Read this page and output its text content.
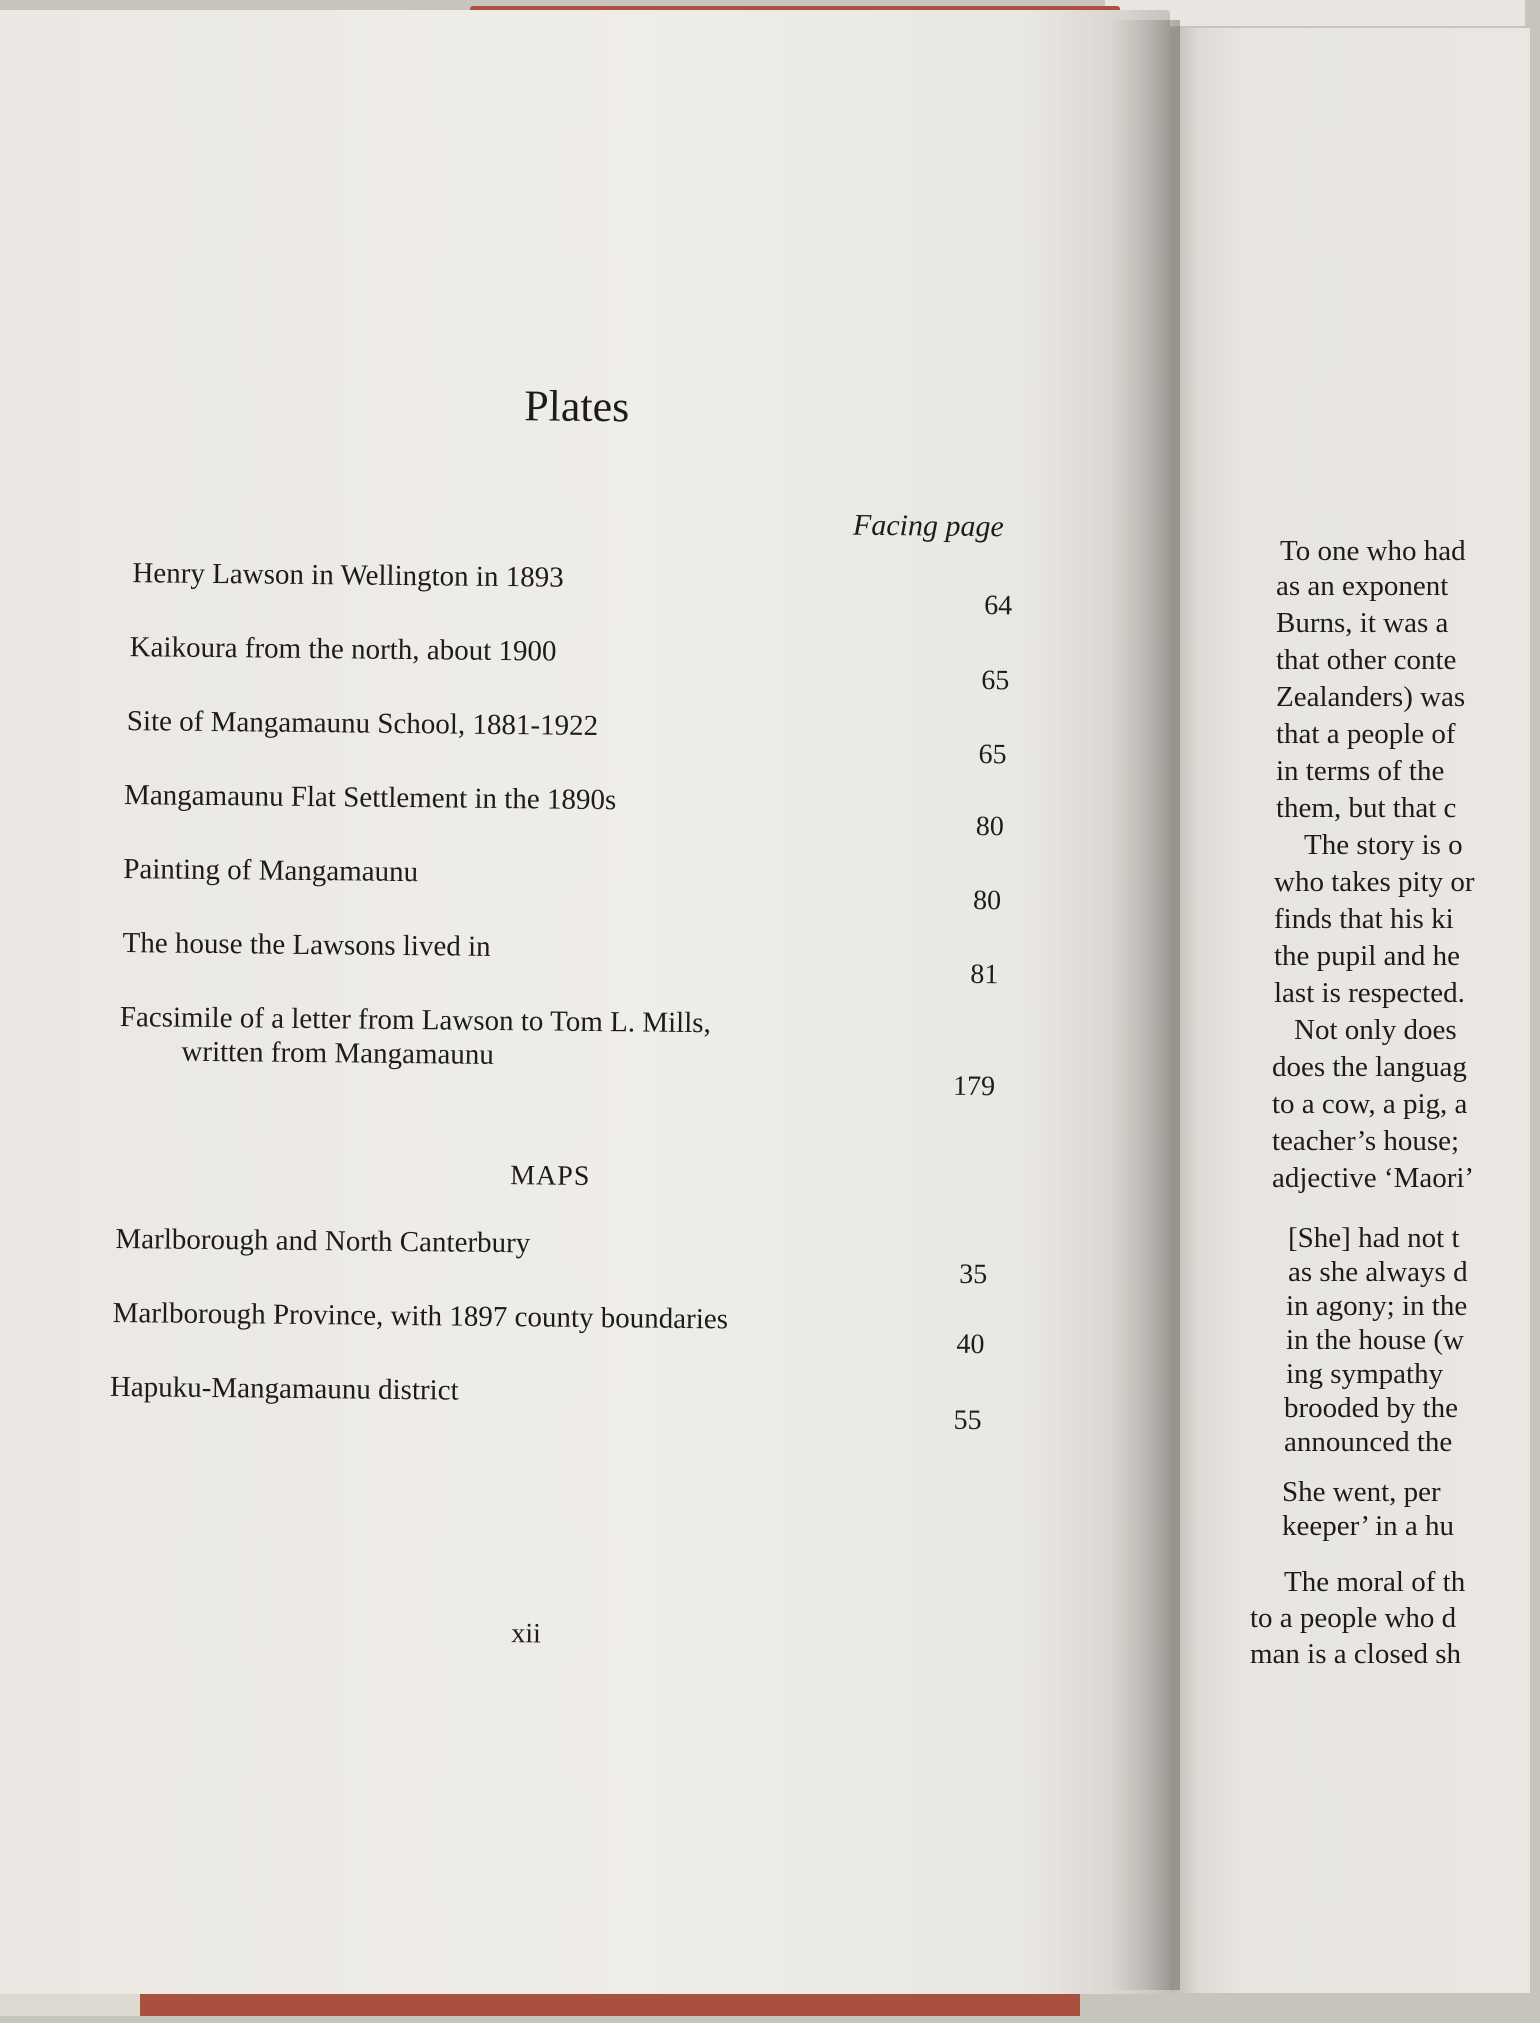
Plates
Facing page
Henry Lawson in Wellington in 1893
64
Kaikoura from the north, about 1900
65
Site of Mangamaunu School, 1881-1922
65
Mangamaunu Flat Settlement in the 1890s
80
Painting of Mangamaunu
80
The house the Lawsons lived in
81
Facsimile of a letter from Lawson to Tom L. Mills,
written from Mangamaunu
179
MAPS
Marlborough and North Canterbury
35
Marlborough Province, with 1897 county boundaries
40
Hapuku-Mangamaunu district
55
xii
To one who had
as an exponent
Burns, it was a
that other conte
Zealanders) was
that a people of
in terms of the
them, but that c
The story is o
who takes pity or
finds that his ki
the pupil and he
last is respected.
Not only does
does the languag
to a cow, a pig, a
teacher’s house;
adjective ‘Maori’
[She] had not t
as she always d
in agony; in the
in the house (w
ing sympathy
brooded by the
announced the
She went, per
keeper’ in a hu
The moral of th
to a people who d
man is a closed sh
